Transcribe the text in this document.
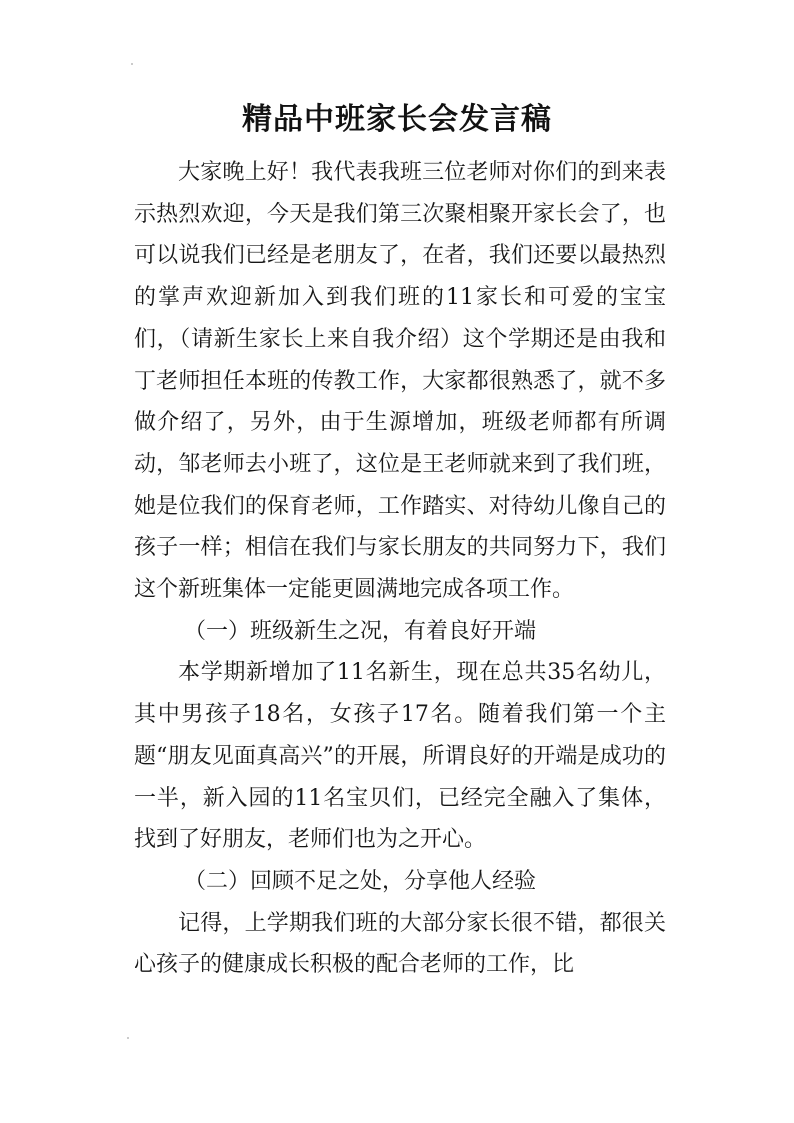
精品中班家长会发言稿

大家晚上好！我代表我班三位老师对你们的到来表示热烈欢迎，今天是我们第三次聚相聚开家长会了，也可以说我们已经是老朋友了，在者，我们还要以最热烈的掌声欢迎新加入到我们班的11家长和可爱的宝宝们，（请新生家长上来自我介绍）这个学期还是由我和丁老师担任本班的传教工作，大家都很熟悉了，就不多做介绍了，另外，由于生源增加，班级老师都有所调动，邹老师去小班了，这位是王老师就来到了我们班，她是位我们的保育老师，工作踏实、对待幼儿像自己的孩子一样；相信在我们与家长朋友的共同努力下，我们这个新班集体一定能更圆满地完成各项工作。

（一）班级新生之况，有着良好开端

本学期新增加了11名新生，现在总共35名幼儿，其中男孩子18名，女孩子17名。随着我们第一个主题“朋友见面真高兴”的开展，所谓良好的开端是成功的一半，新入园的11名宝贝们，已经完全融入了集体，找到了好朋友，老师们也为之开心。

（二）回顾不足之处，分享他人经验

记得，上学期我们班的大部分家长很不错，都很关心孩子的健康成长积极的配合老师的工作，比
